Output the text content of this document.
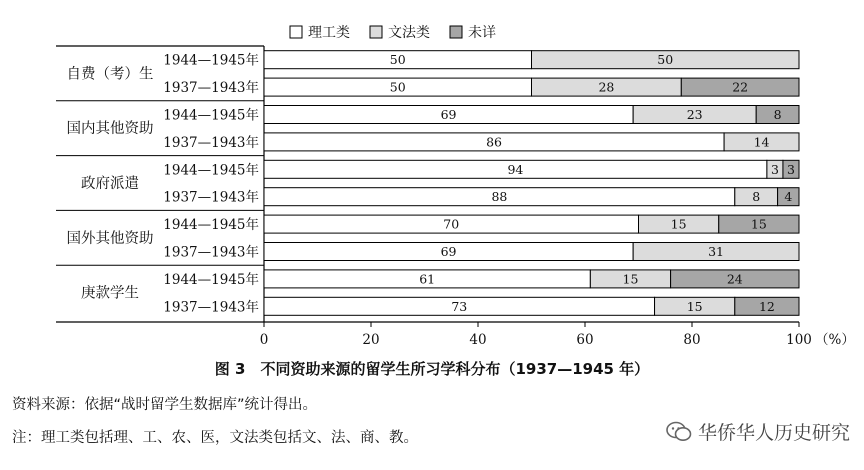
理工类	文法类	未详
自费（考）生
1944—1945年	50	50
1937—1943年	50	28	22
国内其他资助
1944—1945年	69	23	8
1937—1943年	86	14
政府派遣
1944—1945年	94	3 3
1937—1943年	88	8 4
国外其他资助
1944—1945年	70	15	15
1937—1943年	69	31
庚款学生
1944—1945年	61	15	24
1937—1943年	73	15	12
0	20	40	60	80	100 （%）
图 3　不同资助来源的留学生所习学科分布（1937—1945 年）
资料来源：依据“战时留学生数据库”统计得出。
注：理工类包括理、工、农、医，文法类包括文、法、商、教。	华侨华人历史研究
